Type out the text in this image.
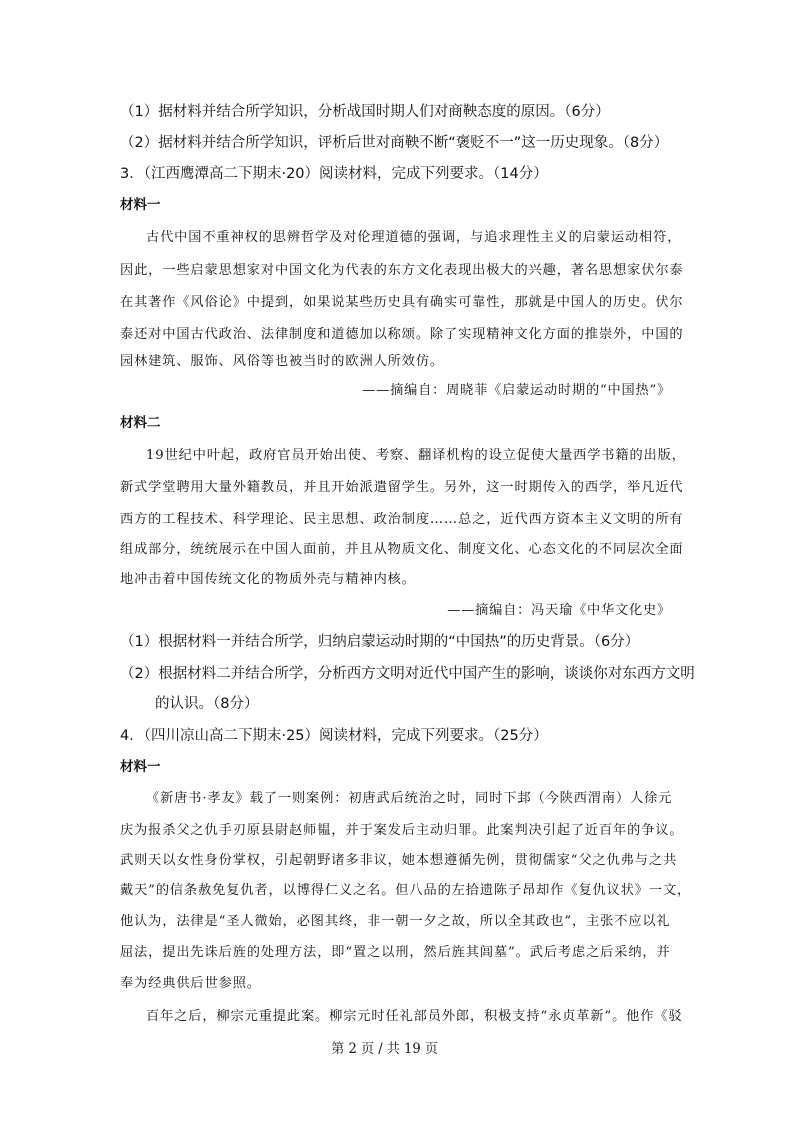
（1）据材料并结合所学知识，分析战国时期人们对商鞅态度的原因。（6分）
（2）据材料并结合所学知识，评析后世对商鞅不断“褒贬不一”这一历史现象。（8分）
3．（江西鹰潭高二下期末·20）阅读材料，完成下列要求。（14分）
材料一
古代中国不重神权的思辨哲学及对伦理道德的强调，与追求理性主义的启蒙运动相符，
因此，一些启蒙思想家对中国文化为代表的东方文化表现出极大的兴趣，著名思想家伏尔泰
在其著作《风俗论》中提到，如果说某些历史具有确实可靠性，那就是中国人的历史。伏尔
泰还对中国古代政治、法律制度和道德加以称颂。除了实现精神文化方面的推崇外，中国的
园林建筑、服饰、风俗等也被当时的欧洲人所效仿。
——摘编自：周晓菲《启蒙运动时期的“中国热”》
材料二
19世纪中叶起，政府官员开始出使、考察、翻译机构的设立促使大量西学书籍的出版，
新式学堂聘用大量外籍教员，并且开始派遣留学生。另外，这一时期传入的西学，举凡近代
西方的工程技术、科学理论、民主思想、政治制度……总之，近代西方资本主义文明的所有
组成部分，统统展示在中国人面前，并且从物质文化、制度文化、心态文化的不同层次全面
地冲击着中国传统文化的物质外壳与精神内核。
——摘编自：冯天瑜《中华文化史》
（1）根据材料一并结合所学，归纳启蒙运动时期的“中国热”的历史背景。（6分）
（2）根据材料二并结合所学，分析西方文明对近代中国产生的影响，谈谈你对东西方文明
的认识。（8分）
4．（四川凉山高二下期末·25）阅读材料，完成下列要求。（25分）
材料一
《新唐书·孝友》载了一则案例：初唐武后统治之时，同时下邽（今陕西渭南）人徐元
庆为报杀父之仇手刃原县尉赵师韫，并于案发后主动归罪。此案判决引起了近百年的争议。
武则天以女性身份掌权，引起朝野诸多非议，她本想遵循先例，贯彻儒家“父之仇弗与之共
戴天”的信条赦免复仇者，以博得仁义之名。但八品的左拾遗陈子昂却作《复仇议状》一文，
他认为，法律是“圣人微始，必图其终，非一朝一夕之故，所以全其政也”，主张不应以礼
屈法，提出先诛后旌的处理方法，即“置之以刑，然后旌其闾墓”。武后考虑之后采纳，并
奉为经典供后世参照。
百年之后，柳宗元重提此案。柳宗元时任礼部员外郎，积极支持“永贞革新”。他作《驳
第 2 页 / 共 19 页
